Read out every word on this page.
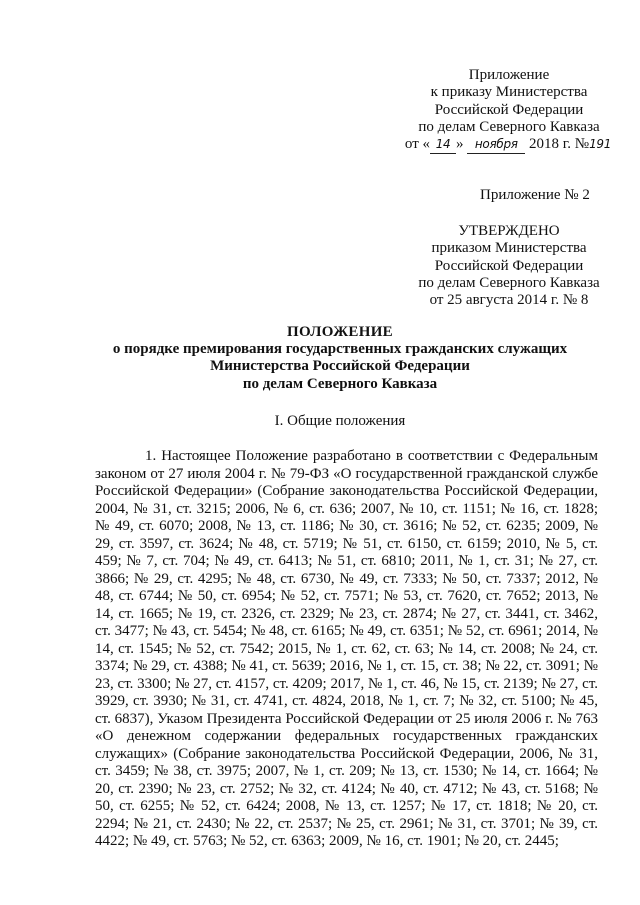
Приложение
к приказу Министерства
Российской Федерации
по делам Северного Кавказа
от « 14 » ноября 2018 г. №191
Приложение № 2
УТВЕРЖДЕНО
приказом Министерства
Российской Федерации
по делам Северного Кавказа
от 25 августа 2014 г. № 8
ПОЛОЖЕНИЕ
о порядке премирования государственных гражданских служащих
Министерства Российской Федерации
по делам Северного Кавказа
I. Общие положения

1. Настоящее Положение разработано в соответствии с Федеральным законом от 27 июля 2004 г. № 79-ФЗ «О государственной гражданской службе Российской Федерации» (Собрание законодательства Российской Федерации, 2004, № 31, ст. 3215; 2006, № 6, ст. 636; 2007, № 10, ст. 1151; № 16, ст. 1828; № 49, ст. 6070; 2008, № 13, ст. 1186; № 30, ст. 3616; № 52, ст. 6235; 2009, № 29, ст. 3597, ст. 3624; № 48, ст. 5719; № 51, ст. 6150, ст. 6159; 2010, № 5, ст. 459; № 7, ст. 704; № 49, ст. 6413; № 51, ст. 6810; 2011, № 1, ст. 31; № 27, ст. 3866; № 29, ст. 4295; № 48, ст. 6730, № 49, ст. 7333; № 50, ст. 7337; 2012, № 48, ст. 6744; № 50, ст. 6954; № 52, ст. 7571; № 53, ст. 7620, ст. 7652; 2013, № 14, ст. 1665; № 19, ст. 2326, ст. 2329; № 23, ст. 2874; № 27, ст. 3441, ст. 3462, ст. 3477; № 43, ст. 5454; № 48, ст. 6165; № 49, ст. 6351; № 52, ст. 6961; 2014, № 14, ст. 1545; № 52, ст. 7542; 2015, № 1, ст. 62, ст. 63; № 14, ст. 2008; № 24, ст. 3374; № 29, ст. 4388; № 41, ст. 5639; 2016, № 1, ст. 15, ст. 38; № 22, ст. 3091; № 23, ст. 3300; № 27, ст. 4157, ст. 4209; 2017, № 1, ст. 46, № 15, ст. 2139; № 27, ст. 3929, ст. 3930; № 31, ст. 4741, ст. 4824, 2018, № 1, ст. 7; № 32, ст. 5100; № 45, ст. 6837), Указом Президента Российской Федерации от 25 июля 2006 г. № 763 «О денежном содержании федеральных государственных гражданских служащих» (Собрание законодательства Российской Федерации, 2006, № 31, ст. 3459; № 38, ст. 3975; 2007, № 1, ст. 209; № 13, ст. 1530; № 14, ст. 1664; № 20, ст. 2390; № 23, ст. 2752; № 32, ст. 4124; № 40, ст. 4712; № 43, ст. 5168; № 50, ст. 6255; № 52, ст. 6424; 2008, № 13, ст. 1257; № 17, ст. 1818; № 20, ст. 2294; № 21, ст. 2430; № 22, ст. 2537; № 25, ст. 2961; № 31, ст. 3701; № 39, ст. 4422; № 49, ст. 5763; № 52, ст. 6363; 2009, № 16, ст. 1901; № 20, ст. 2445;
